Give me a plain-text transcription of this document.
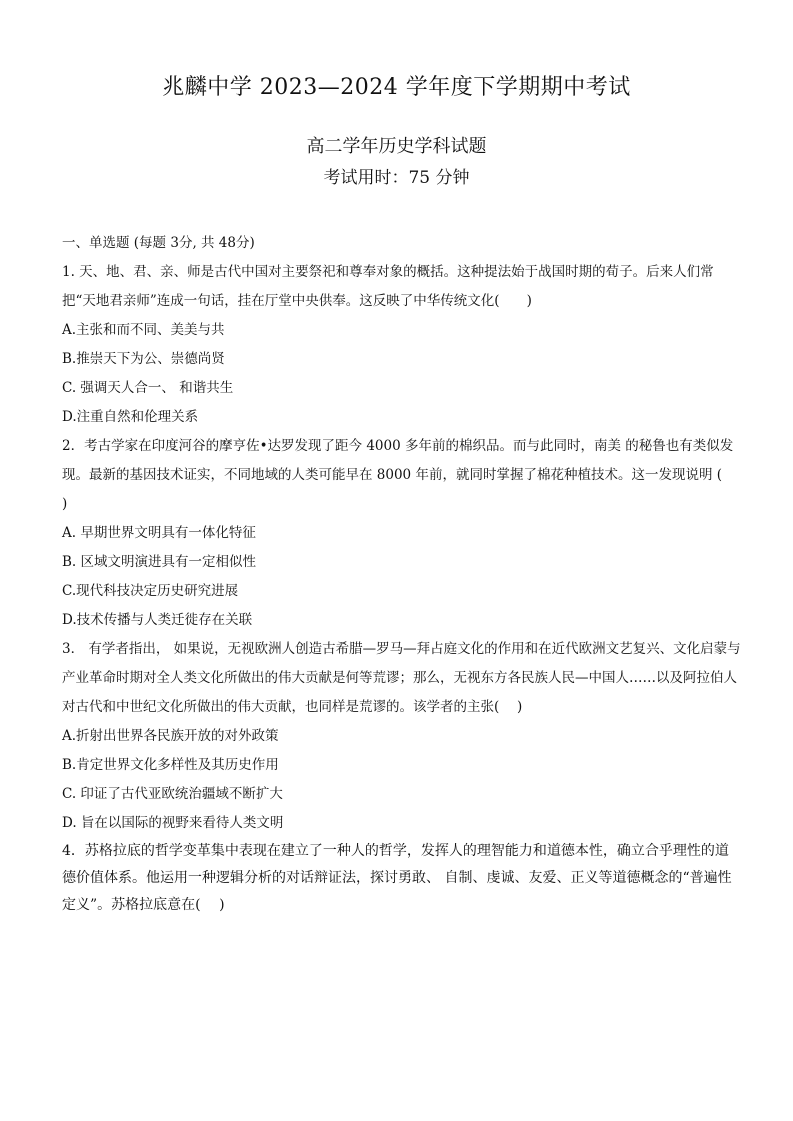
兆麟中学 2023—2024 学年度下学期期中考试
高二学年历史学科试题
考试用时：75 分钟
一、单选题 (每题 3分, 共 48分)
1. 天、地、君、亲、师是古代中国对主要祭祀和尊奉对象的概括。这种提法始于战国时期的荀子。后来人们常把“天地君亲师”连成一句话，挂在厅堂中央供奉。这反映了中华传统文化(　　)
A.主张和而不同、美美与共
B.推崇天下为公、崇德尚贤
C. 强调天人合一、 和谐共生
D.注重自然和伦理关系
2．考古学家在印度河谷的摩亨佐•达罗发现了距今 4000 多年前的棉织品。而与此同时，南美 的秘鲁也有类似发现。最新的基因技术证实，不同地域的人类可能早在 8000 年前，就同时掌握了棉花种植技术。这一发现说明 (　 )
A. 早期世界文明具有一体化特征
B. 区域文明演进具有一定相似性
C.现代科技决定历史研究进展
D.技术传播与人类迁徙存在关联
3． 有学者指出， 如果说，无视欧洲人创造古希腊—罗马—拜占庭文化的作用和在近代欧洲文艺复兴、文化启蒙与产业革命时期对全人类文化所做出的伟大贡献是何等荒谬；那么，无视东方各民族人民—中国人……以及阿拉伯人对古代和中世纪文化所做出的伟大贡献，也同样是荒谬的。该学者的主张(　 )
A.折射出世界各民族开放的对外政策
B.肯定世界文化多样性及其历史作用
C. 印证了古代亚欧统治疆域不断扩大
D. 旨在以国际的视野来看待人类文明
4．苏格拉底的哲学变革集中表现在建立了一种人的哲学，发挥人的理智能力和道德本性，确立合乎理性的道德价值体系。他运用一种逻辑分析的对话辩证法，探讨勇敢、 自制、虔诚、友爱、正义等道德概念的“普遍性定义”。苏格拉底意在(　 )
